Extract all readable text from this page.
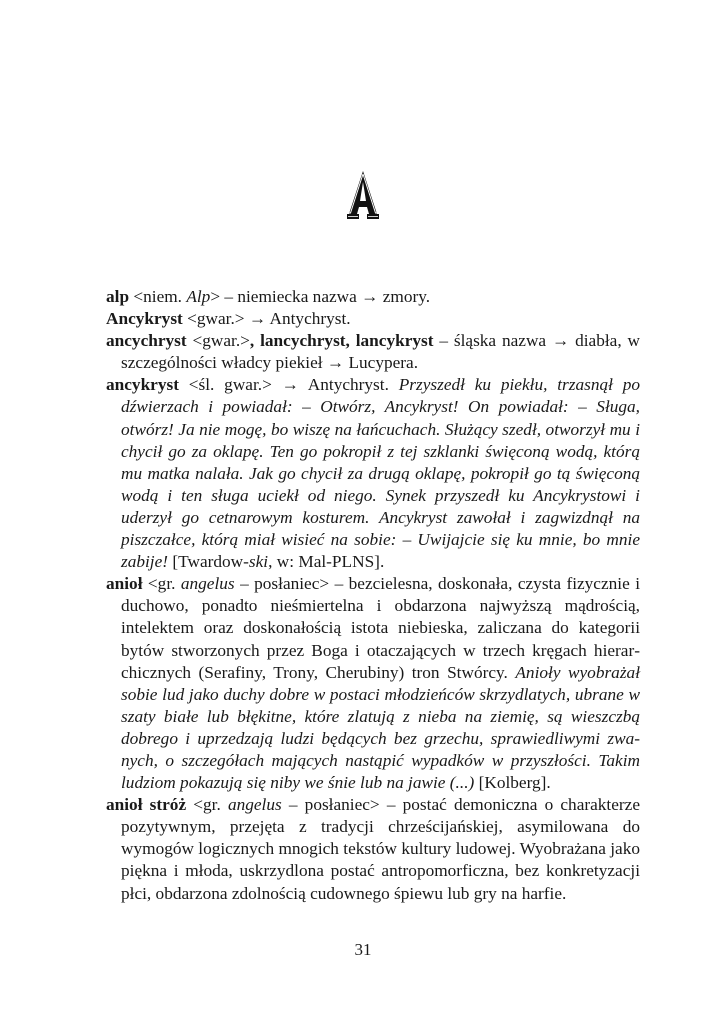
alp <niem. Alp> – niemiecka nazwa → zmory.

Ancykryst <gwar.> → Antychryst.

ancychryst <gwar.>, lancychryst, lancykryst – śląska nazwa → diabła, w szczególności władcy piekieł → Lucypera.

ancykryst <śl. gwar.> → Antychryst. Przyszedł ku piekłu, trzasnął po dźwierzach i powiadał: – Otwórz, Ancykryst! On powiadał: – Sługa, otwórz! Ja nie mogę, bo wiszę na łańcuchach. Służący szedł, otworzył mu i chycił go za oklapę. Ten go pokropił z tej szklanki święconą wodą, którą mu matka nalała. Jak go chycił za drugą oklapę, pokropił go tą święconą wodą i ten sługa uciekł od niego. Synek przyszedł ku Ancykrystowi i uderzył go cetnarowym kosturem. Ancykryst zawołał i zagwizdnął na piszczałce, którą miał wisieć na sobie: – Uwijajcie się ku mnie, bo mnie zabije! [Twardow-ski, w: Mal-PLNS].

anioł <gr. angelus – posłaniec> – bezcielesna, doskonała, czysta fizycznie i duchowo, ponadto nieśmiertelna i obdarzona najwyższą mądrością, intelektem oraz doskonałością istota niebieska, zaliczana do kategorii bytów stworzonych przez Boga i otaczających w trzech kręgach hierarchicznych (Serafiny, Trony, Cherubiny) tron Stwórcy. Anioły wyobrażał sobie lud jako duchy dobre w postaci młodzieńców skrzydlatych, ubrane w szaty białe lub błękitne, które zlatują z nieba na ziemię, są wieszczbą dobrego i uprzedzają ludzi będących bez grzechu, sprawiedliwymi zwanych, o szczegółach mających nastąpić wypadków w przyszłości. Takim ludziom pokazują się niby we śnie lub na jawie (...) [Kolberg].

anioł stróż <gr. angelus – posłaniec> – postać demoniczna o charakterze pozytywnym, przejęta z tradycji chrześcijańskiej, asymilowana do wymogów logicznych mnogich tekstów kultury ludowej. Wyobrażana jako piękna i młoda, uskrzydlona postać antropomorficzna, bez konkretyzacji płci, obdarzona zdolnością cudownego śpiewu lub gry na harfie.

31
